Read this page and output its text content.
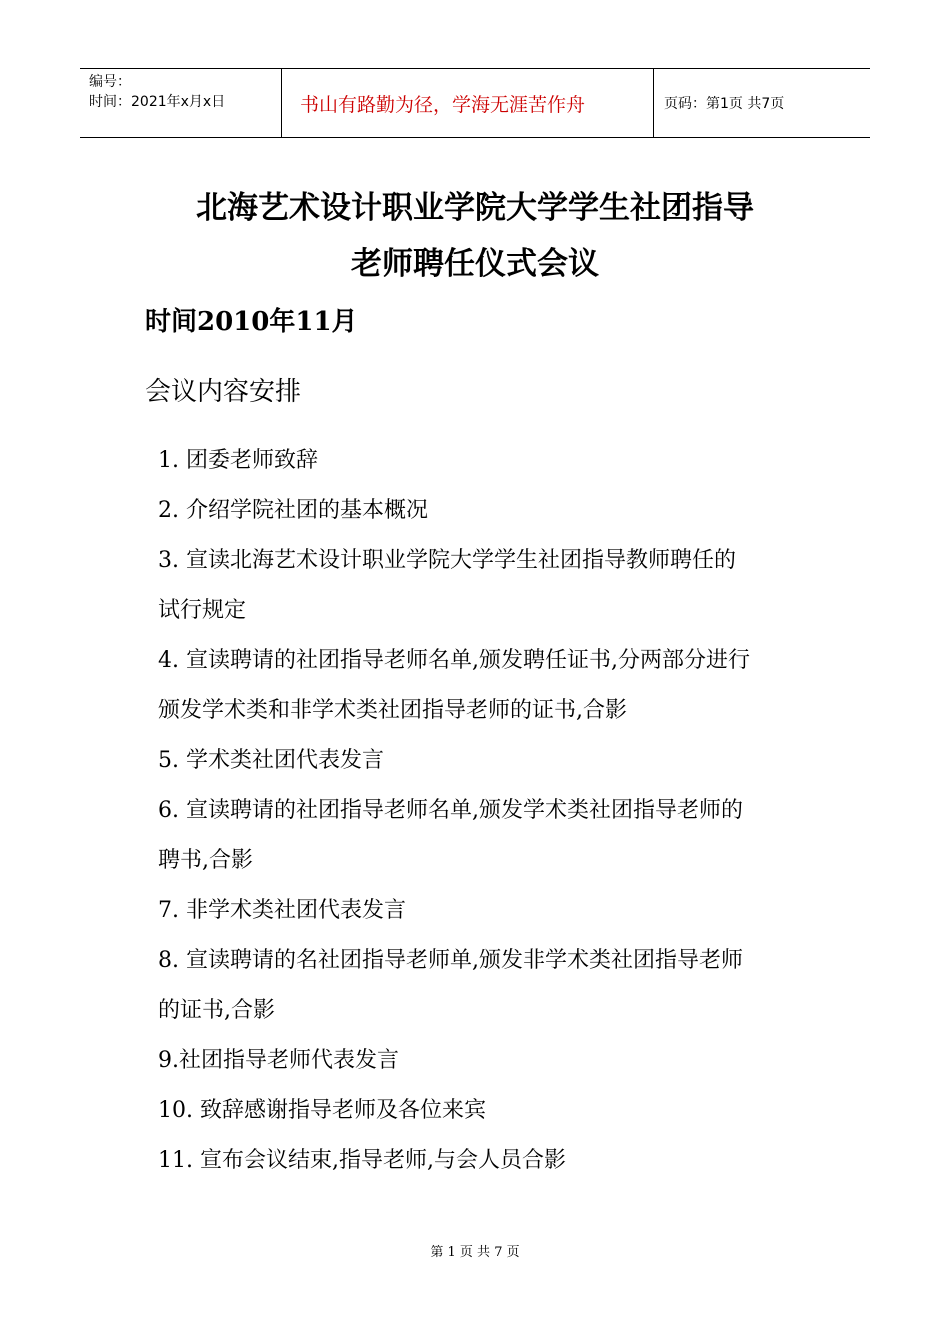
编号：
时间：2021年x月x日	书山有路勤为径，学海无涯苦作舟	页码：第1页 共7页
北海艺术设计职业学院大学学生社团指导
老师聘任仪式会议
时间2010年11月
会议内容安排
1. 团委老师致辞
2. 介绍学院社团的基本概况
3. 宣读北海艺术设计职业学院大学学生社团指导教师聘任的
试行规定
4. 宣读聘请的社团指导老师名单,颁发聘任证书,分两部分进行
颁发学术类和非学术类社团指导老师的证书,合影
5. 学术类社团代表发言
6. 宣读聘请的社团指导老师名单,颁发学术类社团指导老师的
聘书,合影
7. 非学术类社团代表发言
8. 宣读聘请的名社团指导老师单,颁发非学术类社团指导老师
的证书,合影
9.社团指导老师代表发言
10. 致辞感谢指导老师及各位来宾
11. 宣布会议结束,指导老师,与会人员合影
第 1 页 共 7 页
